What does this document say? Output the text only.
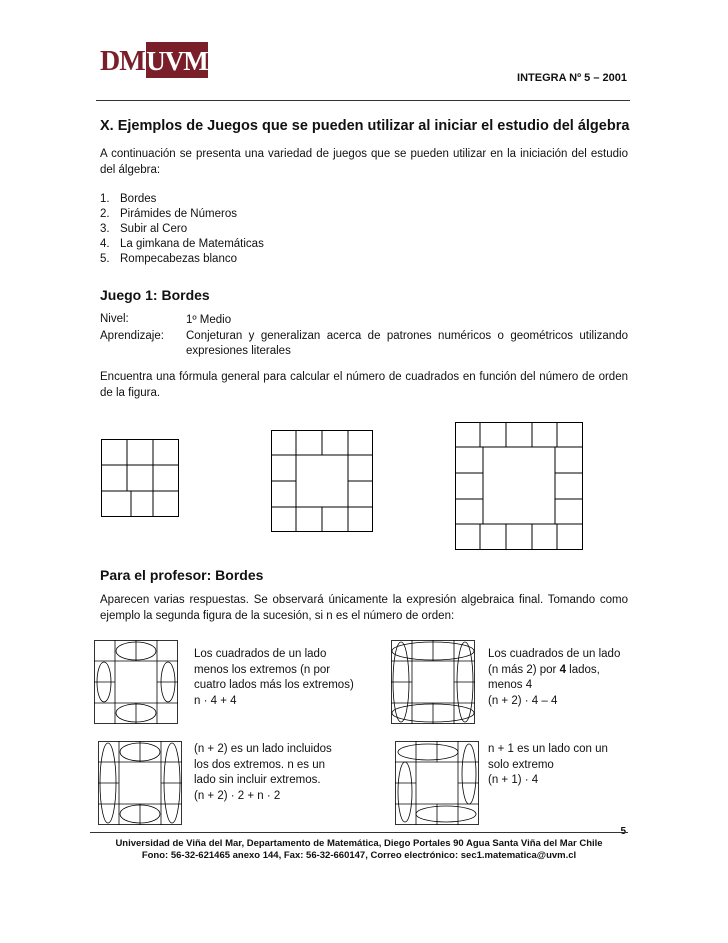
DM UVM
INTEGRA Nº 5 – 2001
X. Ejemplos de Juegos que se pueden utilizar al iniciar el estudio del álgebra
A continuación se presenta una variedad de juegos que se pueden utilizar en la iniciación del estudio del álgebra:
1. Bordes
2. Pirámides de Números
3. Subir al Cero
4. La gimkana de Matemáticas
5. Rompecabezas blanco
Juego 1: Bordes
Nivel:	1º Medio
Aprendizaje: Conjeturan y generalizan acerca de patrones numéricos o geométricos utilizando expresiones literales
Encuentra una fórmula general para calcular el número de cuadrados en función del número de orden de la figura.
Para el profesor: Bordes
Aparecen varias respuestas. Se observará únicamente la expresión algebraica final. Tomando como ejemplo la segunda figura de la sucesión, si n es el número de orden:
Los cuadrados de un lado
menos los extremos (n por
cuatro lados más los extremos)
n · 4 + 4
Los cuadrados de un lado
(n más 2) por 4 lados,
menos 4
(n + 2) · 4 – 4
(n + 2) es un lado incluidos
los dos extremos. n es un
lado sin incluir extremos.
(n + 2) · 2 + n · 2
n + 1 es un lado con un
solo extremo
(n + 1) · 4
5
Universidad de Viña del Mar, Departamento de Matemática, Diego Portales 90 Agua Santa Viña del Mar Chile
Fono: 56-32-621465 anexo 144, Fax: 56-32-660147, Correo electrónico: sec1.matematica@uvm.cl
